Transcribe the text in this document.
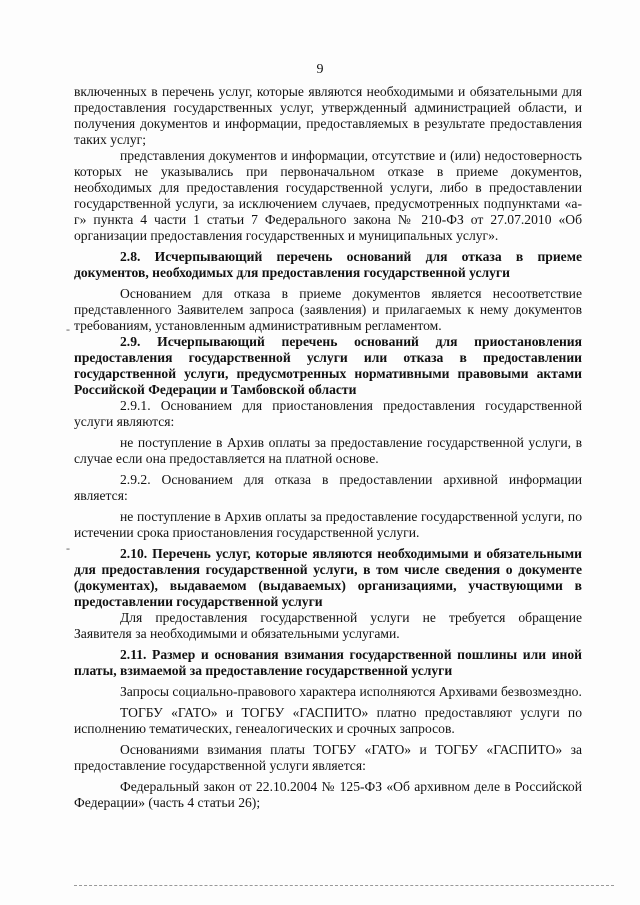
9

включенных в перечень услуг, которые являются необходимыми и обязательными для предоставления государственных услуг, утвержденный администрацией области, и получения документов и информации, предоставляемых в результате предоставления таких услуг;

представления документов и информации, отсутствие и (или) недостоверность которых не указывались при первоначальном отказе в приеме документов, необходимых для предоставления государственной услуги, либо в предоставлении государственной услуги, за исключением случаев, предусмотренных подпунктами «а-г» пункта 4 части 1 статьи 7 Федерального закона № 210-ФЗ от 27.07.2010 «Об организации предоставления государственных и муниципальных услуг».

2.8. Исчерпывающий перечень оснований для отказа в приеме документов, необходимых для предоставления государственной услуги

Основанием для отказа в приеме документов является несоответствие представленного Заявителем запроса (заявления) и прилагаемых к нему документов требованиям, установленным административным регламентом.

2.9. Исчерпывающий перечень оснований для приостановления предоставления государственной услуги или отказа в предоставлении государственной услуги, предусмотренных нормативными правовыми актами Российской Федерации и Тамбовской области

2.9.1. Основанием для приостановления предоставления государственной услуги являются:

не поступление в Архив оплаты за предоставление государственной услуги, в случае если она предоставляется на платной основе.

2.9.2. Основанием для отказа в предоставлении архивной информации является:

не поступление в Архив оплаты за предоставление государственной услуги, по истечении срока приостановления государственной услуги.

2.10. Перечень услуг, которые являются необходимыми и обязательными для предоставления государственной услуги, в том числе сведения о документе (документах), выдаваемом (выдаваемых) организациями, участвующими в предоставлении государственной услуги

Для предоставления государственной услуги не требуется обращение Заявителя за необходимыми и обязательными услугами.

2.11. Размер и основания взимания государственной пошлины или иной платы, взимаемой за предоставление государственной услуги

Запросы социально-правового характера исполняются Архивами безвозмездно.

ТОГБУ «ГАТО» и ТОГБУ «ГАСПИТО» платно предоставляют услуги по исполнению тематических, генеалогических и срочных запросов.

Основаниями взимания платы ТОГБУ «ГАТО» и ТОГБУ «ГАСПИТО» за предоставление государственной услуги является:

Федеральный закон от 22.10.2004 № 125-ФЗ «Об архивном деле в Российской Федерации» (часть 4 статьи 26);

-
-
